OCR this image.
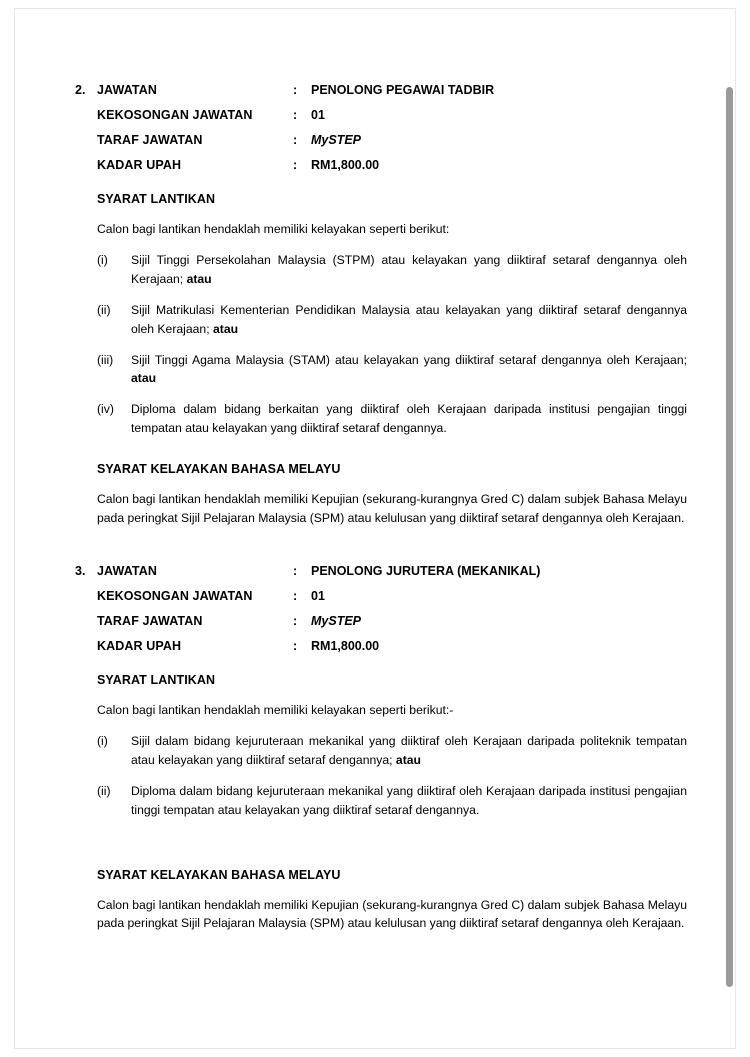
2. JAWATAN	:	PENOLONG PEGAWAI TADBIR
KEKOSONGAN JAWATAN	:	01
TARAF JAWATAN	:	MySTEP
KADAR UPAH	:	RM1,800.00
SYARAT LANTIKAN
Calon bagi lantikan hendaklah memiliki kelayakan seperti berikut:
(i)	Sijil Tinggi Persekolahan Malaysia (STPM) atau kelayakan yang diiktiraf setaraf dengannya oleh Kerajaan; atau
(ii)	Sijil Matrikulasi Kementerian Pendidikan Malaysia atau kelayakan yang diiktiraf setaraf dengannya oleh Kerajaan; atau
(iii)	Sijil Tinggi Agama Malaysia (STAM) atau kelayakan yang diiktiraf setaraf dengannya oleh Kerajaan; atau
(iv)	Diploma dalam bidang berkaitan yang diiktiraf oleh Kerajaan daripada institusi pengajian tinggi tempatan atau kelayakan yang diiktiraf setaraf dengannya.
SYARAT KELAYAKAN BAHASA MELAYU
Calon bagi lantikan hendaklah memiliki Kepujian (sekurang-kurangnya Gred C) dalam subjek Bahasa Melayu pada peringkat Sijil Pelajaran Malaysia (SPM) atau kelulusan yang diiktiraf setaraf dengannya oleh Kerajaan.
3. JAWATAN	:	PENOLONG JURUTERA (MEKANIKAL)
KEKOSONGAN JAWATAN	:	01
TARAF JAWATAN	:	MySTEP
KADAR UPAH	:	RM1,800.00
SYARAT LANTIKAN
Calon bagi lantikan hendaklah memiliki kelayakan seperti berikut:-
(i)	Sijil dalam bidang kejuruteraan mekanikal yang diiktiraf oleh Kerajaan daripada politeknik tempatan atau kelayakan yang diiktiraf setaraf dengannya; atau
(ii)	Diploma dalam bidang kejuruteraan mekanikal yang diiktiraf oleh Kerajaan daripada institusi pengajian tinggi tempatan atau kelayakan yang diiktiraf setaraf dengannya.
SYARAT KELAYAKAN BAHASA MELAYU
Calon bagi lantikan hendaklah memiliki Kepujian (sekurang-kurangnya Gred C) dalam subjek Bahasa Melayu pada peringkat Sijil Pelajaran Malaysia (SPM) atau kelulusan yang diiktiraf setaraf dengannya oleh Kerajaan.
